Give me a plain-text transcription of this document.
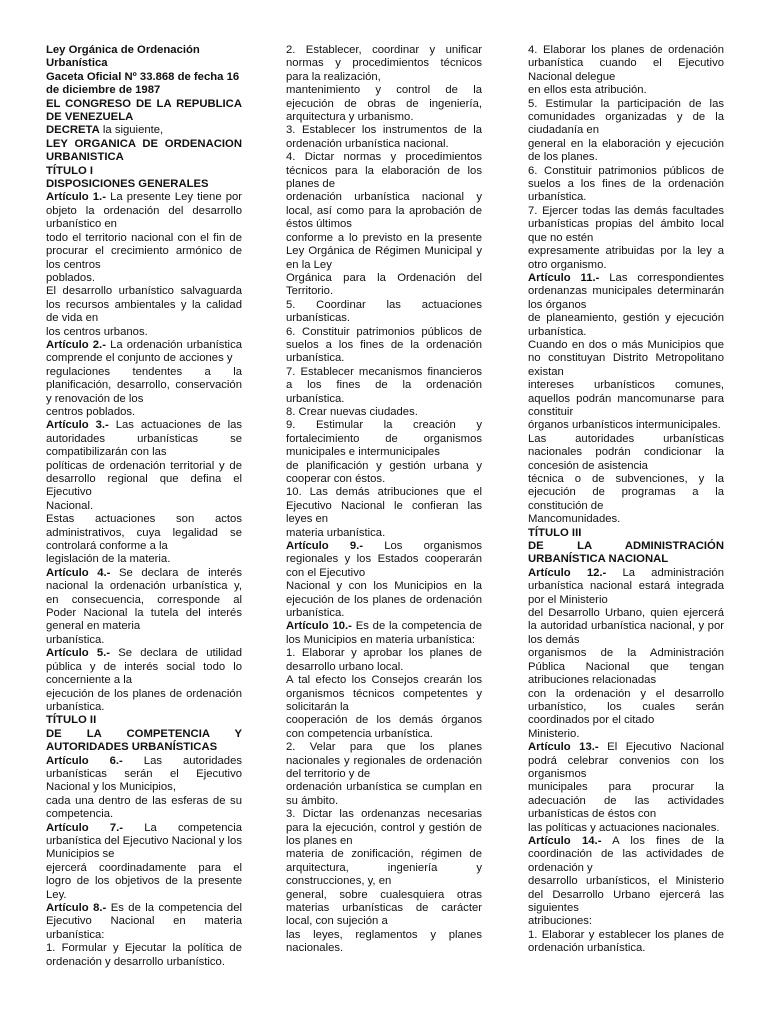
Ley Orgánica de Ordenación

Urbanística

Gaceta Oficial Nº 33.868 de fecha 16

de diciembre de 1987

EL CONGRESO DE LA REPUBLICA DE VENEZUELA

DECRETA la siguiente,

LEY ORGANICA DE ORDENACION URBANISTICA

TÍTULO I

DISPOSICIONES GENERALES

Artículo 1.- La presente Ley tiene por objeto la ordenación del desarrollo urbanístico en

todo el territorio nacional con el fin de procurar el crecimiento armónico de los centros

poblados.

El desarrollo urbanístico salvaguarda los recursos ambientales y la calidad de vida en

los centros urbanos.

Artículo 2.- La ordenación urbanística comprende el conjunto de acciones y

regulaciones tendentes a la planificación, desarrollo, conservación y renovación de los

centros poblados.

Artículo 3.- Las actuaciones de las autoridades urbanísticas se compatibilizarán con las

políticas de ordenación territorial y de desarrollo regional que defina el Ejecutivo

Nacional.

Estas actuaciones son actos administrativos, cuya legalidad se controlará conforme a la

legislación de la materia.

Artículo 4.- Se declara de interés nacional la ordenación urbanística y, en consecuencia, corresponde al Poder Nacional la tutela del interés general en materia

urbanística.

Artículo 5.- Se declara de utilidad pública y de interés social todo lo concerniente a la

ejecución de los planes de ordenación urbanística.

TÍTULO II

DE LA COMPETENCIA Y

AUTORIDADES URBANÍSTICAS

Artículo 6.- Las autoridades urbanísticas serán el Ejecutivo Nacional y los Municipios,

cada una dentro de las esferas de su competencia.

Artículo 7.- La competencia urbanística del Ejecutivo Nacional y los Municipios se

ejercerá coordinadamente para el logro de los objetivos de la presente Ley.

Artículo 8.- Es de la competencia del Ejecutivo Nacional en materia urbanística:

1. Formular y Ejecutar la política de ordenación y desarrollo urbanístico.

2. Establecer, coordinar y unificar normas y procedimientos técnicos para la realización,

mantenimiento y control de la ejecución de obras de ingeniería, arquitectura y urbanismo.

3. Establecer los instrumentos de la ordenación urbanística nacional.

4. Dictar normas y procedimientos técnicos para la elaboración de los planes de

ordenación urbanística nacional y local, así como para la aprobación de éstos últimos

conforme a lo previsto en la presente Ley Orgánica de Régimen Municipal y en la Ley

Orgánica para la Ordenación del Territorio.

5. Coordinar las actuaciones urbanísticas.

6. Constituir patrimonios públicos de suelos a los fines de la ordenación urbanística.

7. Establecer mecanismos financieros a los fines de la ordenación urbanística.

8. Crear nuevas ciudades.

9. Estimular la creación y fortalecimiento de organismos municipales e intermunicipales

de planificación y gestión urbana y cooperar con éstos.

10. Las demás atribuciones que el Ejecutivo Nacional le confieran las leyes en

materia urbanística.

Artículo 9.- Los organismos regionales y los Estados cooperarán con el Ejecutivo

Nacional y con los Municipios en la ejecución de los planes de ordenación urbanística.

Artículo 10.- Es de la competencia de los Municipios en materia urbanística:

1. Elaborar y aprobar los planes de desarrollo urbano local.

A tal efecto los Consejos crearán los organismos técnicos competentes y solicitarán la

cooperación de los demás órganos con competencia urbanística.

2. Velar para que los planes nacionales y regionales de ordenación del territorio y de

ordenación urbanística se cumplan en su ámbito.

3. Dictar las ordenanzas necesarias para la ejecución, control y gestión de los planes en

materia de zonificación, régimen de arquitectura, ingeniería y construcciones, y, en

general, sobre cualesquiera otras materias urbanísticas de carácter local, con sujeción a

las leyes, reglamentos y planes nacionales.

4. Elaborar los planes de ordenación urbanística cuando el Ejecutivo Nacional delegue

en ellos esta atribución.

5. Estimular la participación de las comunidades organizadas y de la ciudadanía en

general en la elaboración y ejecución de los planes.

6. Constituir patrimonios públicos de suelos a los fines de la ordenación urbanística.

7. Ejercer todas las demás facultades urbanísticas propias del ámbito local que no estén

expresamente atribuidas por la ley a otro organismo.

Artículo 11.- Las correspondientes ordenanzas municipales determinarán los órganos

de planeamiento, gestión y ejecución urbanística.

Cuando en dos o más Municipios que no constituyan Distrito Metropolitano existan

intereses urbanísticos comunes, aquellos podrán mancomunarse para constituir

órganos urbanísticos intermunicipales.

Las autoridades urbanísticas nacionales podrán condicionar la concesión de asistencia

técnica o de subvenciones, y la ejecución de programas a la constitución de

Mancomunidades.

TÍTULO III

DE LA ADMINISTRACIÓN

URBANÍSTICA NACIONAL

Artículo 12.- La administración urbanística nacional estará integrada por el Ministerio

del Desarrollo Urbano, quien ejercerá la autoridad urbanística nacional, y por los demás

organismos de la Administración Pública Nacional que tengan atribuciones relacionadas

con la ordenación y el desarrollo urbanístico, los cuales serán coordinados por el citado

Ministerio.

Artículo 13.- El Ejecutivo Nacional podrá celebrar convenios con los organismos

municipales para procurar la adecuación de las actividades urbanísticas de éstos con

las políticas y actuaciones nacionales.

Artículo 14.- A los fines de la coordinación de las actividades de ordenación y

desarrollo urbanísticos, el Ministerio del Desarrollo Urbano ejercerá las siguientes

atribuciones:

1. Elaborar y establecer los planes de ordenación urbanística.
